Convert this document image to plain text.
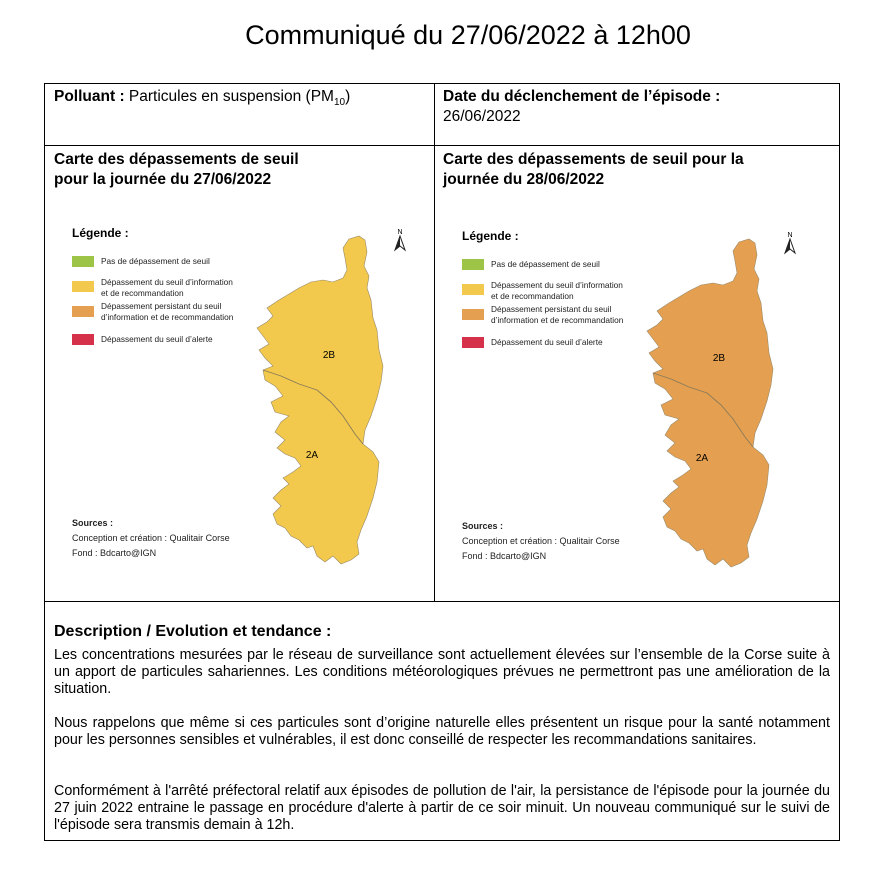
Communiqué du 27/06/2022 à 12h00
Polluant : Particules en suspension $(PM_{10})$	Date du déclenchement de l’épisode :
26/06/2022
Carte des dépassements de seuil
pour la journée du 27/06/2022
Carte des dépassements de seuil pour la
journée du 28/06/2022
Légende :
Pas de dépassement de seuil
Dépassement du seuil d’information
et de recommandation
Dépassement persistant du seuil
d’information et de recommandation
Dépassement du seuil d’alerte
N
2B
2A
Sources :
Conception et création : Qualitair Corse
Fond : Bdcarto@IGN
Légende :
Pas de dépassement de seuil
Dépassement du seuil d’information
et de recommandation
Dépassement persistant du seuil
d’information et de recommandation
Dépassement du seuil d’alerte
N
2B
2A
Sources :
Conception et création : Qualitair Corse
Fond : Bdcarto@IGN
Description / Evolution et tendance :
Les concentrations mesurées par le réseau de surveillance sont actuellement élevées sur l’ensemble de la Corse suite à un apport de particules sahariennes. Les conditions météorologiques prévues ne permettront pas une amélioration de la situation.
Nous rappelons que même si ces particules sont d’origine naturelle elles présentent un risque pour la santé notamment pour les personnes sensibles et vulnérables, il est donc conseillé de respecter les recommandations sanitaires.
Conformément à l'arrêté préfectoral relatif aux épisodes de pollution de l'air, la persistance de l'épisode pour la journée du 27 juin 2022 entraine le passage en procédure d'alerte à partir de ce soir minuit. Un nouveau communiqué sur le suivi de l'épisode sera transmis demain à 12h.
